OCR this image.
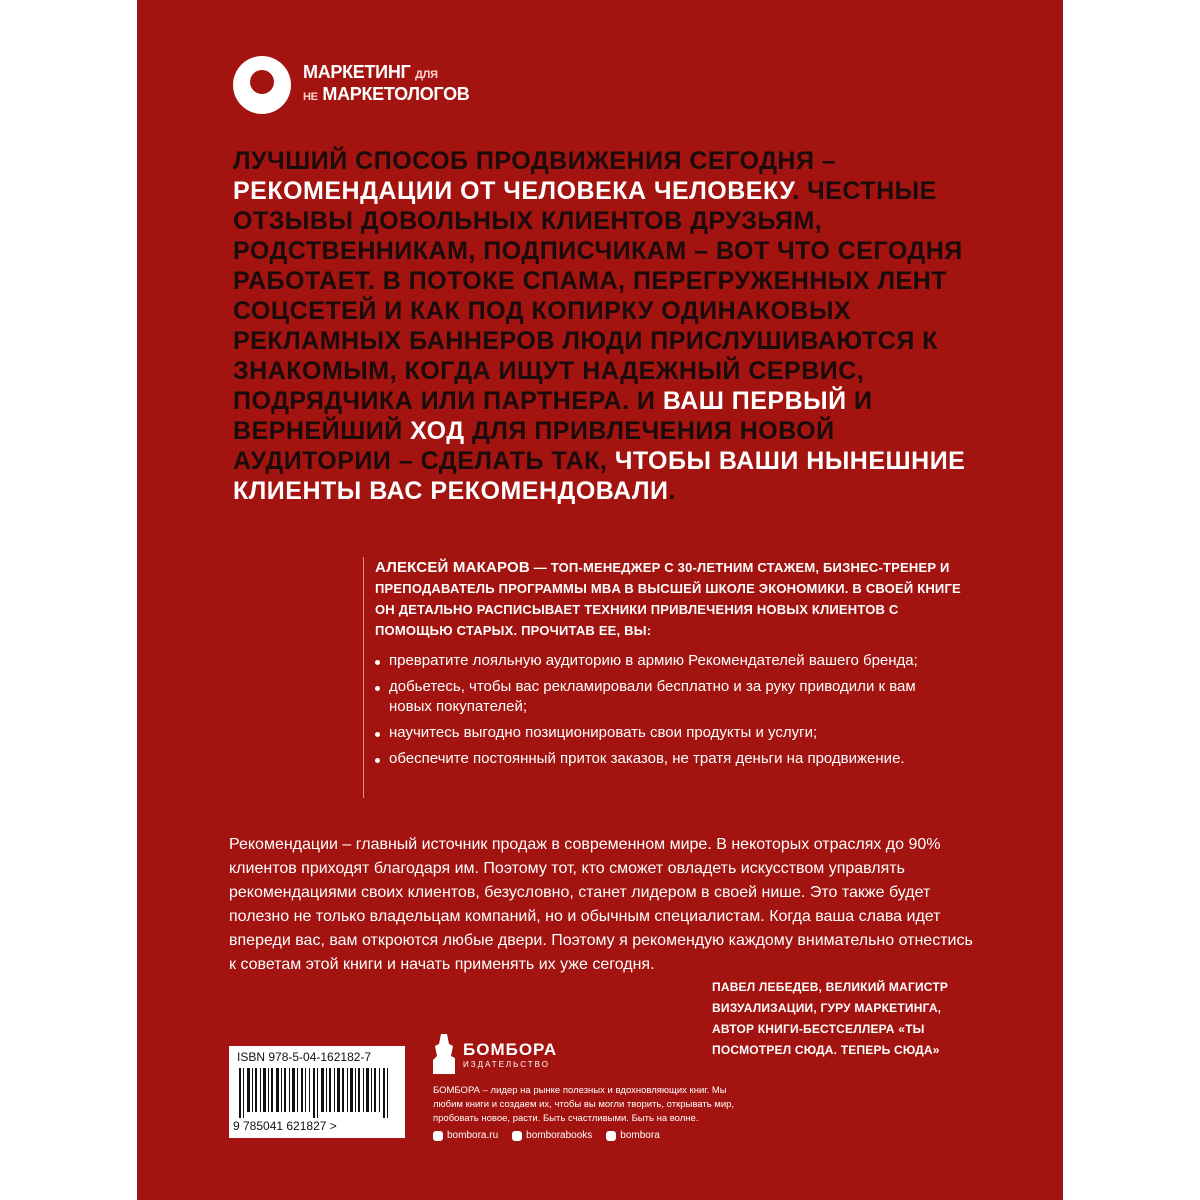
МАРКЕТИНГ ДЛЯ
НЕ МАРКЕТОЛОГОВ
ЛУЧШИЙ СПОСОБ ПРОДВИЖЕНИЯ СЕГОДНЯ – РЕКОМЕНДАЦИИ ОТ ЧЕЛОВЕКА ЧЕЛОВЕКУ. ЧЕСТНЫЕ ОТЗЫВЫ ДОВОЛЬНЫХ КЛИЕНТОВ ДРУЗЬЯМ, РОДСТВЕННИКАМ, ПОДПИСЧИКАМ – ВОТ ЧТО СЕГОДНЯ РАБОТАЕТ. В ПОТОКЕ СПАМА, ПЕРЕГРУЖЕННЫХ ЛЕНТ СОЦСЕТЕЙ И КАК ПОД КОПИРКУ ОДИНАКОВЫХ РЕКЛАМНЫХ БАННЕРОВ ЛЮДИ ПРИСЛУШИВАЮТСЯ К ЗНАКОМЫМ, КОГДА ИЩУТ НАДЕЖНЫЙ СЕРВИС, ПОДРЯДЧИКА ИЛИ ПАРТНЕРА. И ВАШ ПЕРВЫЙ И ВЕРНЕЙШИЙ ХОД ДЛЯ ПРИВЛЕЧЕНИЯ НОВОЙ АУДИТОРИИ – СДЕЛАТЬ ТАК, ЧТОБЫ ВАШИ НЫНЕШНИЕ КЛИЕНТЫ ВАС РЕКОМЕНДОВАЛИ.
АЛЕКСЕЙ МАКАРОВ — ТОП-МЕНЕДЖЕР С 30-ЛЕТНИМ СТАЖЕМ, БИЗНЕС-ТРЕНЕР И ПРЕПОДАВАТЕЛЬ ПРОГРАММЫ MBA В ВЫСШЕЙ ШКОЛЕ ЭКОНОМИКИ. В СВОЕЙ КНИГЕ ОН ДЕТАЛЬНО РАСПИСЫВАЕТ ТЕХНИКИ ПРИВЛЕЧЕНИЯ НОВЫХ КЛИЕНТОВ С ПОМОЩЬЮ СТАРЫХ. ПРОЧИТАВ ЕЕ, ВЫ:
превратите лояльную аудиторию в армию Рекомендателей вашего бренда;
добьетесь, чтобы вас рекламировали бесплатно и за руку приводили к вам новых покупателей;
научитесь выгодно позиционировать свои продукты и услуги;
обеспечите постоянный приток заказов, не тратя деньги на продвижение.
Рекомендации – главный источник продаж в современном мире. В некоторых отраслях до 90% клиентов приходят благодаря им. Поэтому тот, кто сможет овладеть искусством управлять рекомендациями своих клиентов, безусловно, станет лидером в своей нише. Это также будет полезно не только владельцам компаний, но и обычным специалистам. Когда ваша слава идет впереди вас, вам откроются любые двери. Поэтому я рекомендую каждому внимательно отнестись к советам этой книги и начать применять их уже сегодня.
ПАВЕЛ ЛЕБЕДЕВ, ВЕЛИКИЙ МАГИСТР ВИЗУАЛИЗАЦИИ, ГУРУ МАРКЕТИНГА, АВТОР КНИГИ-БЕСТСЕЛЛЕРА «ТЫ ПОСМОТРЕЛ СЮДА. ТЕПЕРЬ СЮДА»
ISBN 978-5-04-162182-7
9 785041 621827 >
БОМБОРА
ИЗДАТЕЛЬСТВО
БОМБОРА – лидер на рынке полезных и вдохновляющих книг. Мы любим книги и создаем их, чтобы вы могли творить, открывать мир, пробовать новое, расти. Быть счастливыми. Быть на волне.
bombora.ru	bomborabooks	bombora
